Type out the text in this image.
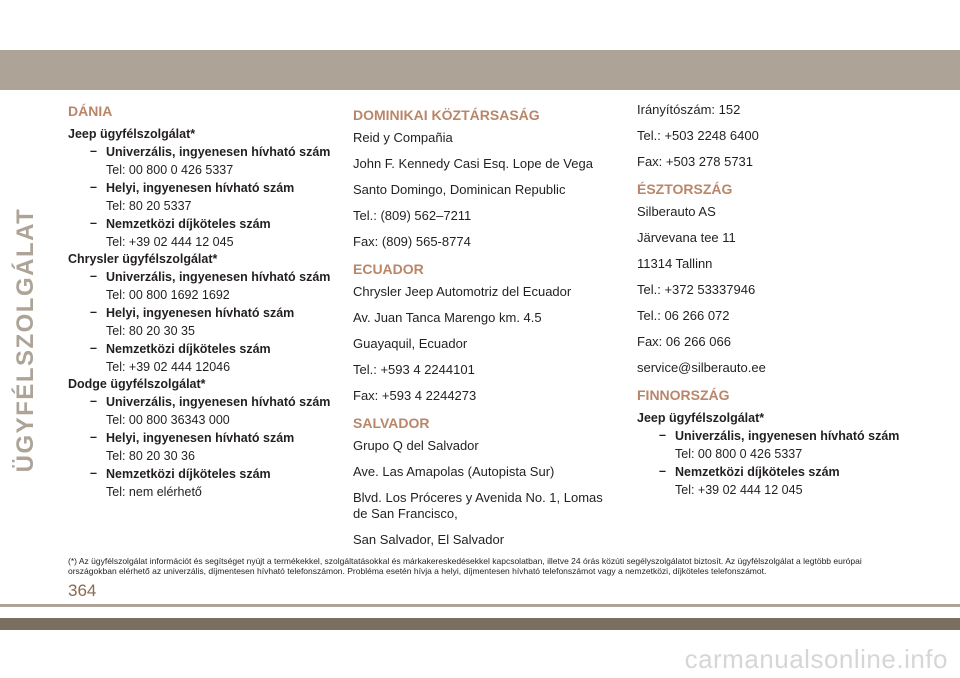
ÜGYFÉLSZOLGÁLAT
DÁNIA
Jeep ügyfélszolgálat*
– Univerzális, ingyenesen hívható szám
Tel: 00 800 0 426 5337
– Helyi, ingyenesen hívható szám
Tel: 80 20 5337
– Nemzetközi díjköteles szám
Tel: +39 02 444 12 045
Chrysler ügyfélszolgálat*
– Univerzális, ingyenesen hívható szám
Tel: 00 800 1692 1692
– Helyi, ingyenesen hívható szám
Tel: 80 20 30 35
– Nemzetközi díjköteles szám
Tel: +39 02 444 12046
Dodge ügyfélszolgálat*
– Univerzális, ingyenesen hívható szám
Tel: 00 800 36343 000
– Helyi, ingyenesen hívható szám
Tel: 80 20 30 36
– Nemzetközi díjköteles szám
Tel: nem elérhető
DOMINIKAI KÖZTÁRSASÁG
Reid y Compañia
John F. Kennedy Casi Esq. Lope de Vega
Santo Domingo, Dominican Republic
Tel.: (809) 562–7211
Fax: (809) 565-8774
ECUADOR
Chrysler Jeep Automotriz del Ecuador
Av. Juan Tanca Marengo km. 4.5
Guayaquil, Ecuador
Tel.: +593 4 2244101
Fax: +593 4 2244273
SALVADOR
Grupo Q del Salvador
Ave. Las Amapolas (Autopista Sur)
Blvd. Los Próceres y Avenida No. 1, Lomas de San Francisco,
San Salvador, El Salvador
Irányítószám: 152
Tel.: +503 2248 6400
Fax: +503 278 5731
ÉSZTORSZÁG
Silberauto AS
Järvevana tee 11
11314 Tallinn
Tel.: +372 53337946
Tel.: 06 266 072
Fax: 06 266 066
service@silberauto.ee
FINNORSZÁG
Jeep ügyfélszolgálat*
– Univerzális, ingyenesen hívható szám
Tel: 00 800 0 426 5337
– Nemzetközi díjköteles szám
Tel: +39 02 444 12 045
(*) Az ügyfélszolgálat információt és segítséget nyújt a termékekkel, szolgáltatásokkal és márkakereskedésekkel kapcsolatban, illetve 24 órás közúti segélyszolgálatot biztosít. Az ügyfélszolgálat a legtöbb európai országokban elérhető az univerzális, díjmentesen hívható telefonszámon. Probléma esetén hívja a helyi, díjmentesen hívható telefonszámot vagy a nemzetközi, díjköteles telefonszámot.
364
carmanualsonline.info
